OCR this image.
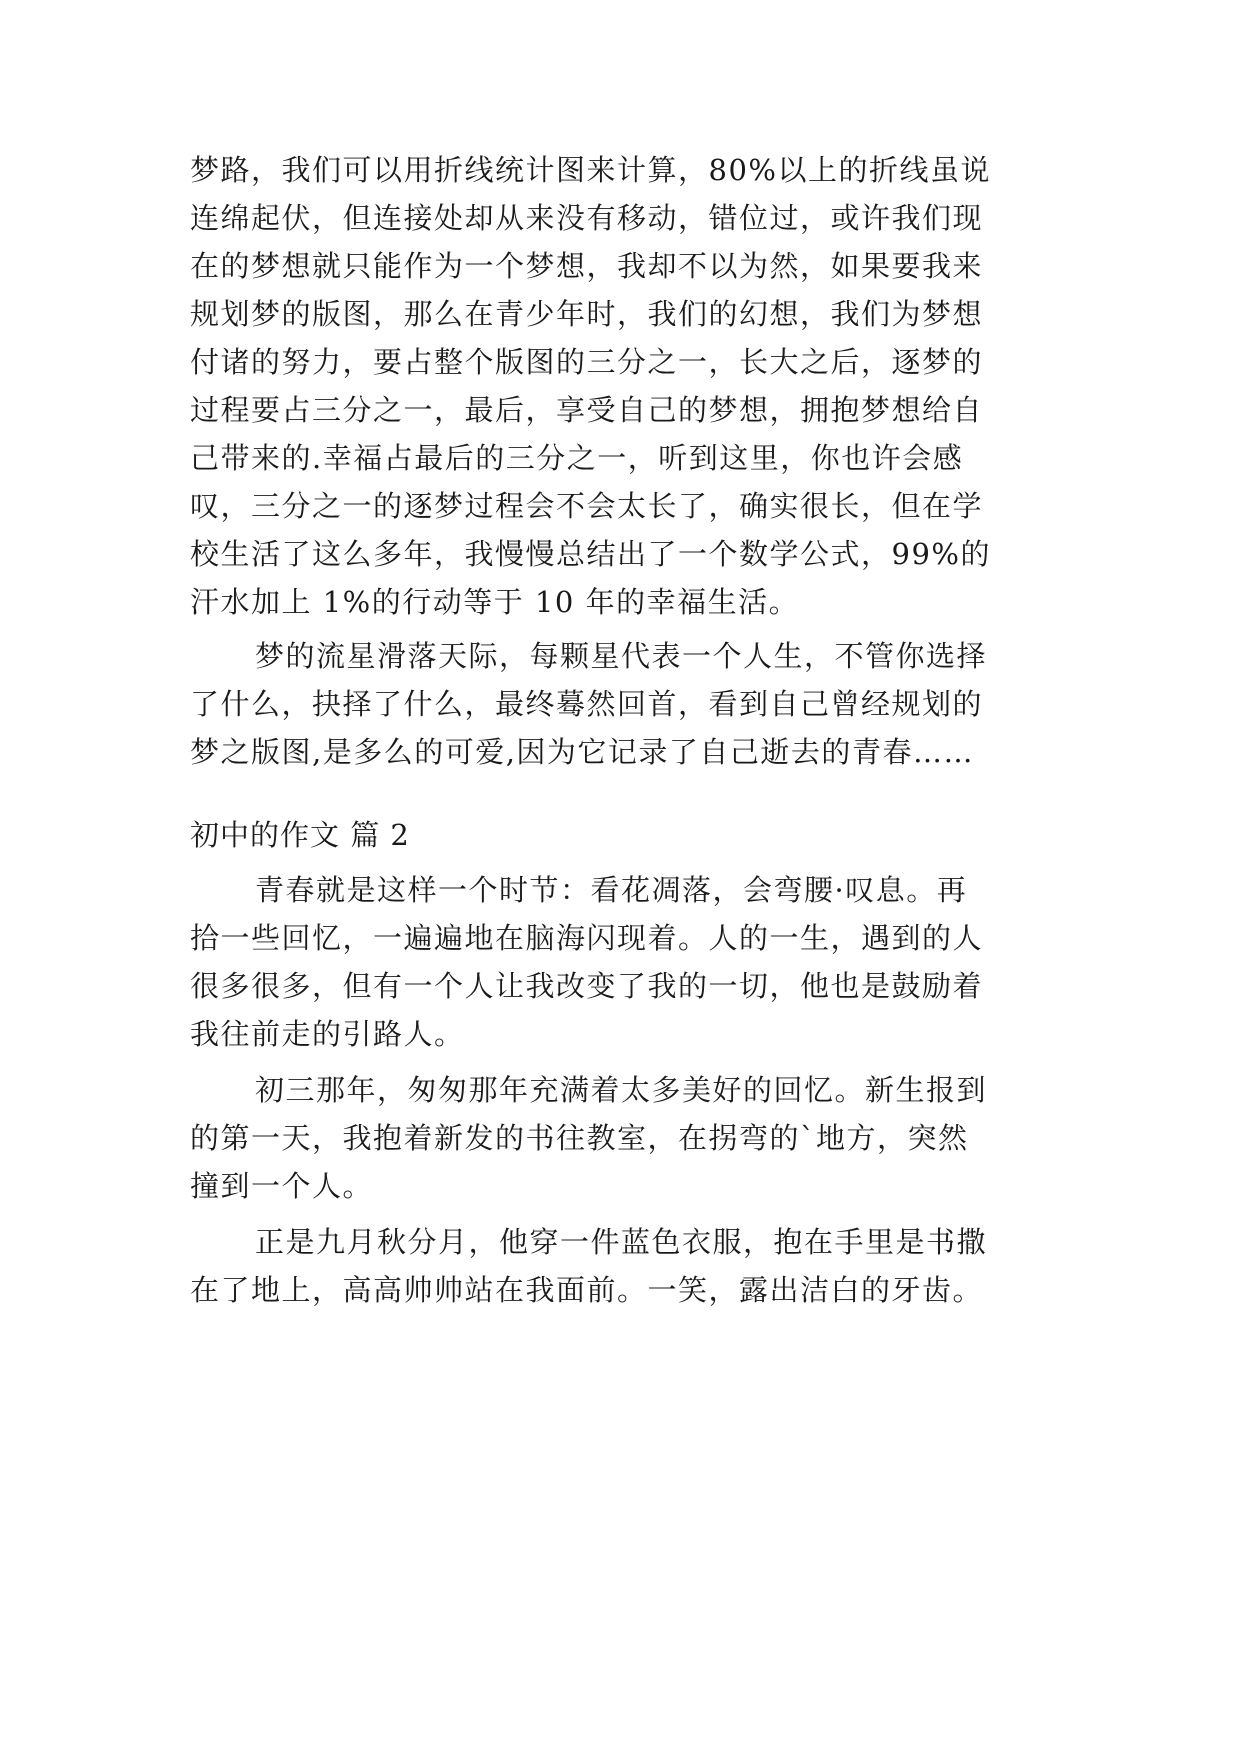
梦路，我们可以用折线统计图来计算，80%以上的折线虽说
连绵起伏，但连接处却从来没有移动，错位过，或许我们现
在的梦想就只能作为一个梦想，我却不以为然，如果要我来
规划梦的版图，那么在青少年时，我们的幻想，我们为梦想
付诸的努力，要占整个版图的三分之一，长大之后，逐梦的
过程要占三分之一，最后，享受自己的梦想，拥抱梦想给自
己带来的.幸福占最后的三分之一，听到这里，你也许会感
叹，三分之一的逐梦过程会不会太长了，确实很长，但在学
校生活了这么多年，我慢慢总结出了一个数学公式，99%的
汗水加上 1%的行动等于 10 年的幸福生活。
梦的流星滑落天际，每颗星代表一个人生，不管你选择
了什么，抉择了什么，最终蓦然回首，看到自己曾经规划的
梦之版图,是多么的可爱,因为它记录了自己逝去的青春……
初中的作文 篇 2
青春就是这样一个时节：看花凋落，会弯腰·叹息。再
拾一些回忆，一遍遍地在脑海闪现着。人的一生，遇到的人
很多很多，但有一个人让我改变了我的一切，他也是鼓励着
我往前走的引路人。
初三那年，匆匆那年充满着太多美好的回忆。新生报到
的第一天，我抱着新发的书往教室，在拐弯的`地方，突然
撞到一个人。
正是九月秋分月，他穿一件蓝色衣服，抱在手里是书撒
在了地上，高高帅帅站在我面前。一笑，露出洁白的牙齿。
